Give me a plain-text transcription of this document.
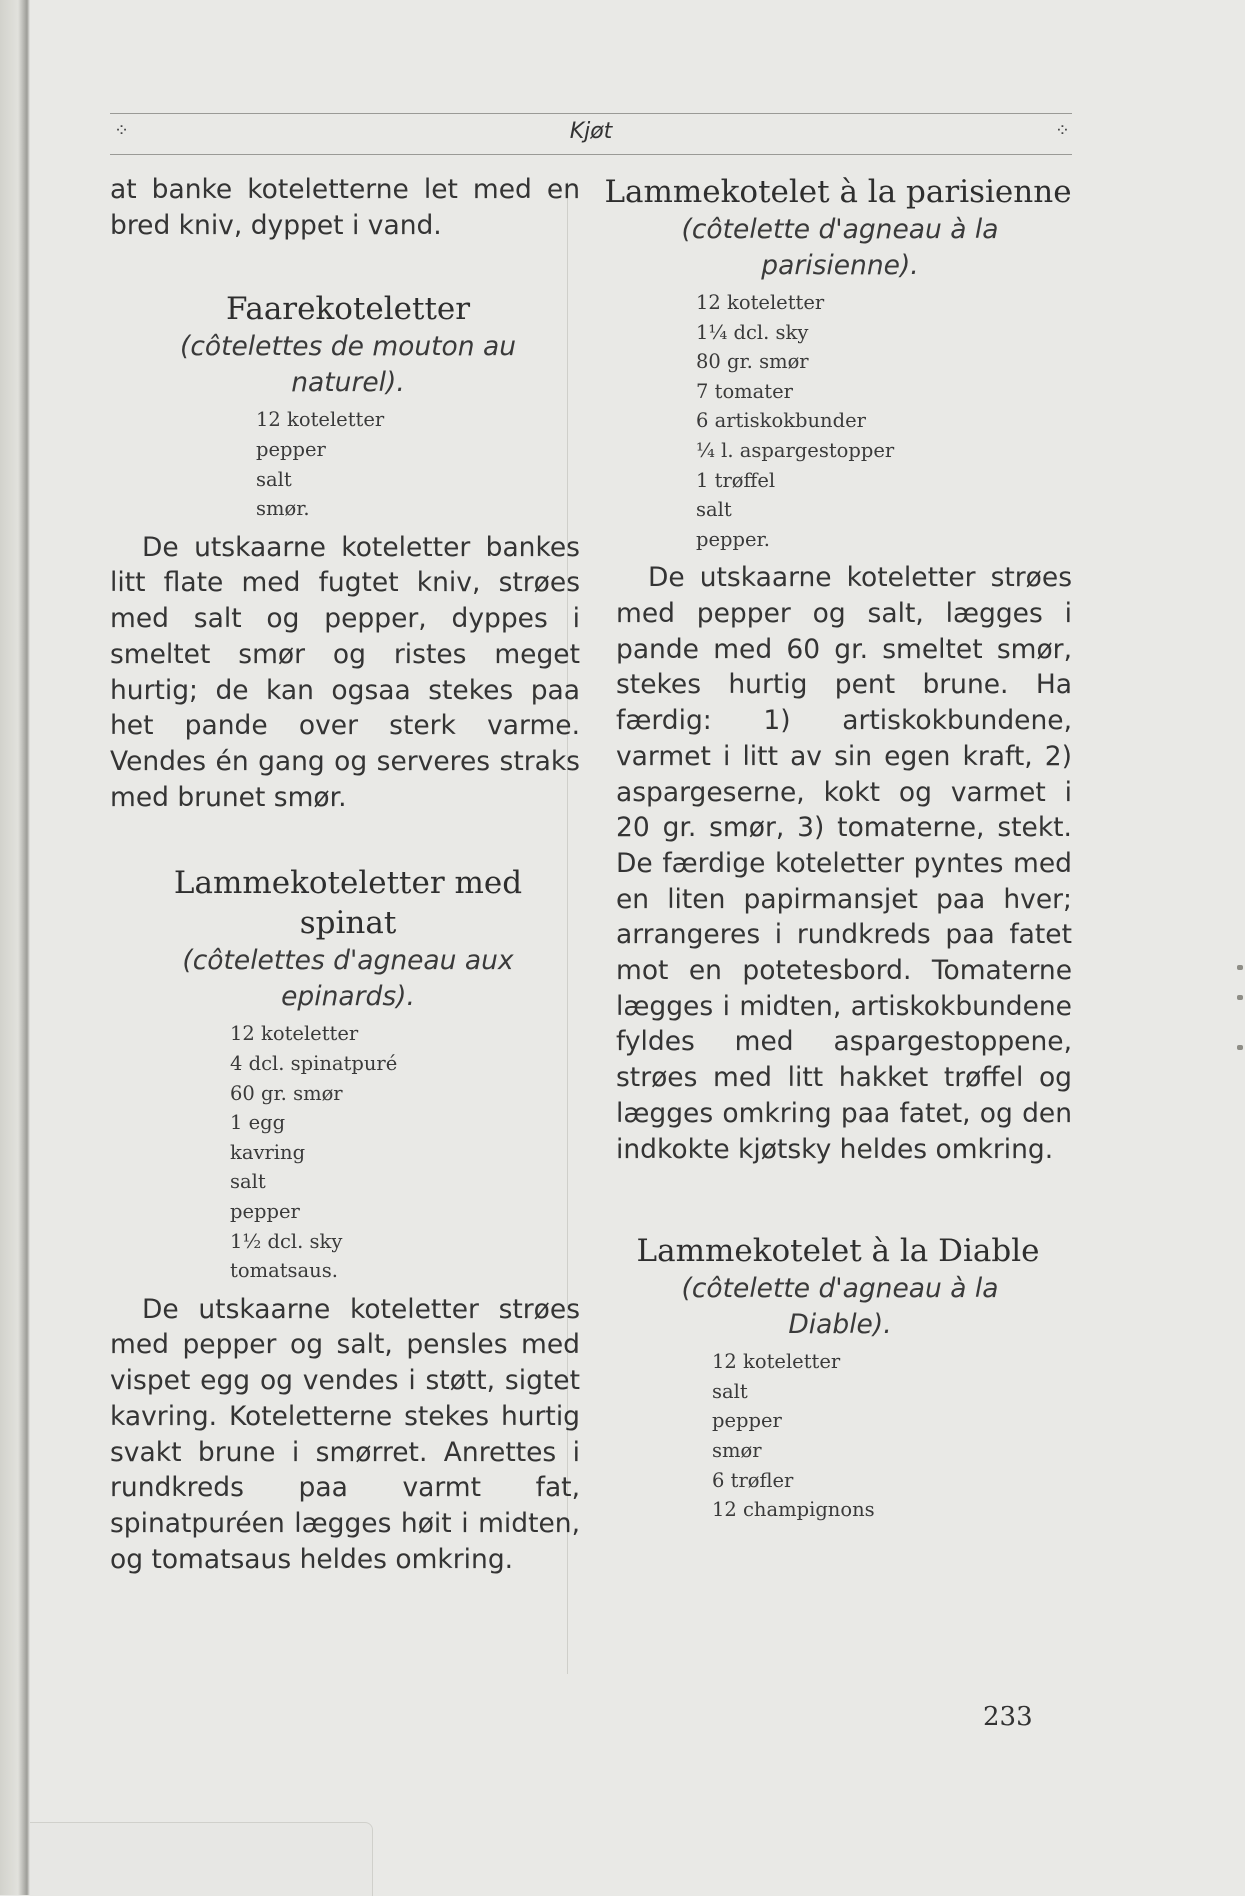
⁘	Kjøt	⁘

at banke koteletterne let med en bred kniv, dyppet i vand.

Faarekoteletter

(côtelettes de mouton au naturel).

12 koteletter
pepper
salt
smør.

De utskaarne koteletter bankes litt flate med fugtet kniv, strøes med salt og pepper, dyppes i smeltet smør og ristes meget hurtig; de kan ogsaa stekes paa het pande over sterk varme. Vendes én gang og serveres straks med brunet smør.

Lammekoteletter med spinat

(côtelettes d'agneau aux epinards).

12 koteletter
4 dcl. spinatpuré
60 gr. smør
1 egg
kavring
salt
pepper
1½ dcl. sky
tomatsaus.

De utskaarne koteletter strøes med pepper og salt, pensles med vispet egg og vendes i støtt, sigtet kavring. Koteletterne stekes hurtig svakt brune i smørret. Anrettes i rundkreds paa varmt fat, spinatpuréen lægges høit i midten, og tomatsaus heldes omkring.

Lammekotelet à la parisienne

(côtelette d'agneau à la parisienne).

12 koteletter
1¼ dcl. sky
80 gr. smør
7 tomater
6 artiskokbunder
¼ l. aspargestopper
1 trøffel
salt
pepper.

De utskaarne koteletter strøes med pepper og salt, lægges i pande med 60 gr. smeltet smør, stekes hurtig pent brune. Ha færdig: 1) artiskokbundene, varmet i litt av sin egen kraft, 2) aspargeserne, kokt og varmet i 20 gr. smør, 3) tomaterne, stekt. De færdige koteletter pyntes med en liten papirmansjet paa hver; arrangeres i rundkreds paa fatet mot en potetesbord. Tomaterne lægges i midten, artiskokbundene fyldes med aspargestoppene, strøes med litt hakket trøffel og lægges omkring paa fatet, og den indkokte kjøtsky heldes omkring.

Lammekotelet à la Diable

(côtelette d'agneau à la Diable).

12 koteletter
salt
pepper
smør
6 trøfler
12 champignons
233
